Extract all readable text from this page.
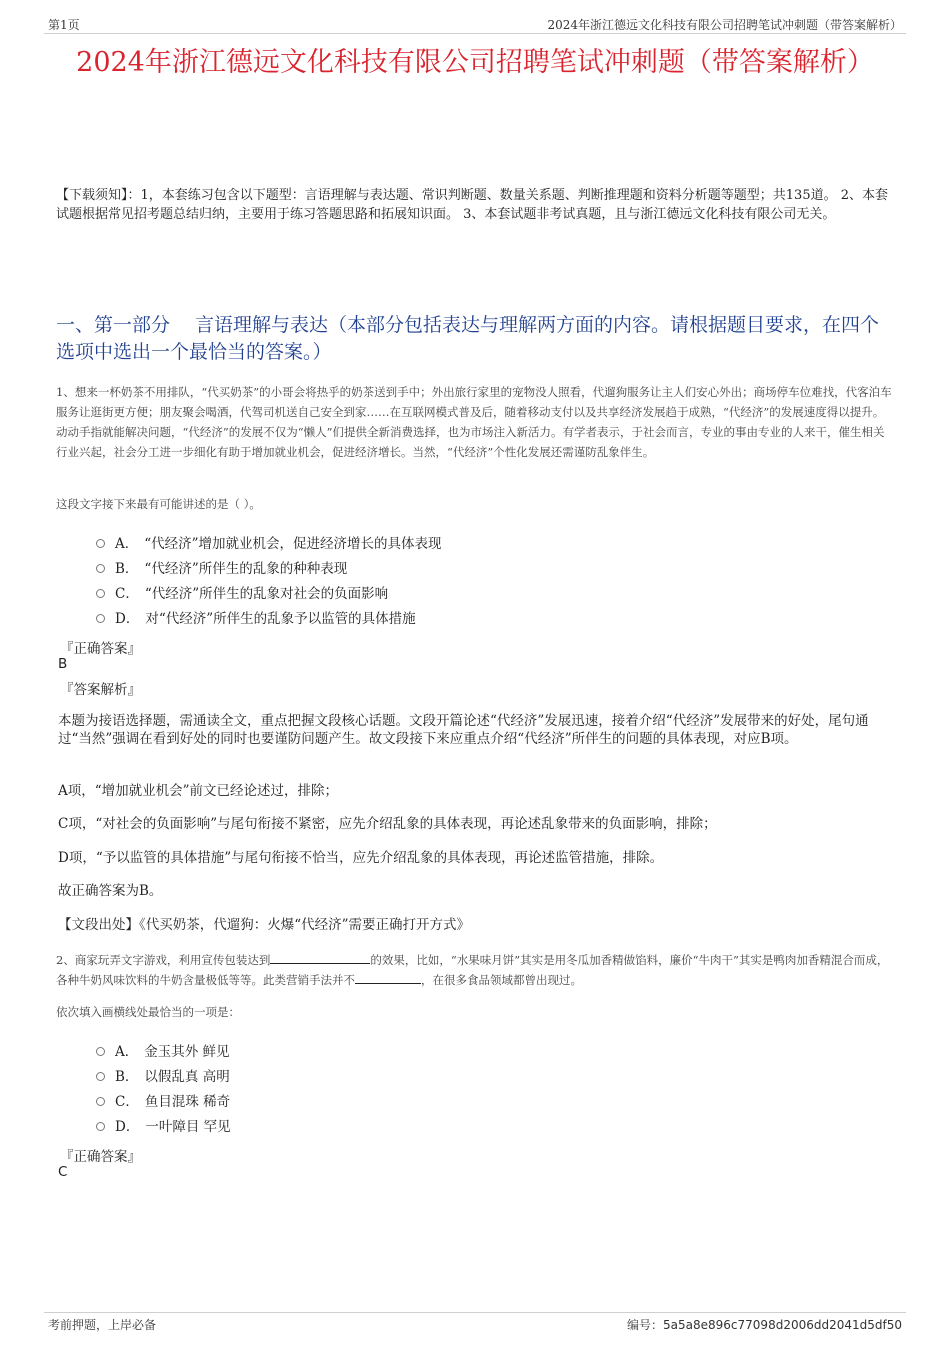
第1页	2024年浙江德远文化科技有限公司招聘笔试冲刺题（带答案解析）
2024年浙江德远文化科技有限公司招聘笔试冲刺题（带答案解析）
【下载须知】：1，本套练习包含以下题型：言语理解与表达题、常识判断题、数量关系题、判断推理题和资料分析题等题型；共135道。 2、本套试题根据常见招考题总结归纳，主要用于练习答题思路和拓展知识面。 3、本套试题非考试真题，且与浙江德远文化科技有限公司无关。
一、第一部分　 言语理解与表达（本部分包括表达与理解两方面的内容。请根据题目要求，在四个选项中选出一个最恰当的答案。）
1、想来一杯奶茶不用排队，“代买奶茶”的小哥会将热乎的奶茶送到手中；外出旅行家里的宠物没人照看，代遛狗服务让主人们安心外出；商场停车位难找，代客泊车服务让逛街更方便；朋友聚会喝酒，代驾司机送自己安全到家……在互联网模式普及后，随着移动支付以及共享经济发展趋于成熟，“代经济”的发展速度得以提升。动动手指就能解决问题，“代经济”的发展不仅为“懒人”们提供全新消费选择，也为市场注入新活力。有学者表示，于社会而言，专业的事由专业的人来干，催生相关行业兴起，社会分工进一步细化有助于增加就业机会，促进经济增长。当然，“代经济”个性化发展还需谨防乱象伴生。
这段文字接下来最有可能讲述的是（ ）。
A． “代经济”增加就业机会，促进经济增长的具体表现
B． “代经济”所伴生的乱象的种种表现
C． “代经济”所伴生的乱象对社会的负面影响
D． 对“代经济”所伴生的乱象予以监管的具体措施
『正确答案』
B
『答案解析』
本题为接语选择题，需通读全文，重点把握文段核心话题。文段开篇论述“代经济”发展迅速，接着介绍“代经济”发展带来的好处，尾句通过“当然”强调在看到好处的同时也要谨防问题产生。故文段接下来应重点介绍“代经济”所伴生的问题的具体表现，对应B项。
A项，“增加就业机会”前文已经论述过，排除；
C项，“对社会的负面影响”与尾句衔接不紧密，应先介绍乱象的具体表现，再论述乱象带来的负面影响，排除；
D项，“予以监管的具体措施”与尾句衔接不恰当，应先介绍乱象的具体表现，再论述监管措施，排除。
故正确答案为B。
【文段出处】《代买奶茶，代遛狗：火爆“代经济”需要正确打开方式》
2、商家玩弄文字游戏，利用宣传包装达到	的效果，比如，“水果味月饼”其实是用冬瓜加香精做馅料，廉价“牛肉干”其实是鸭肉加香精混合而成，各种牛奶风味饮料的牛奶含量极低等等。此类营销手法并不	，在很多食品领域都曾出现过。
依次填入画横线处最恰当的一项是：
A． 金玉其外 鲜见
B． 以假乱真 高明
C． 鱼目混珠 稀奇
D． 一叶障目 罕见
『正确答案』
C
考前押题，上岸必备	编号：5a5a8e896c77098d2006dd2041d5df50
